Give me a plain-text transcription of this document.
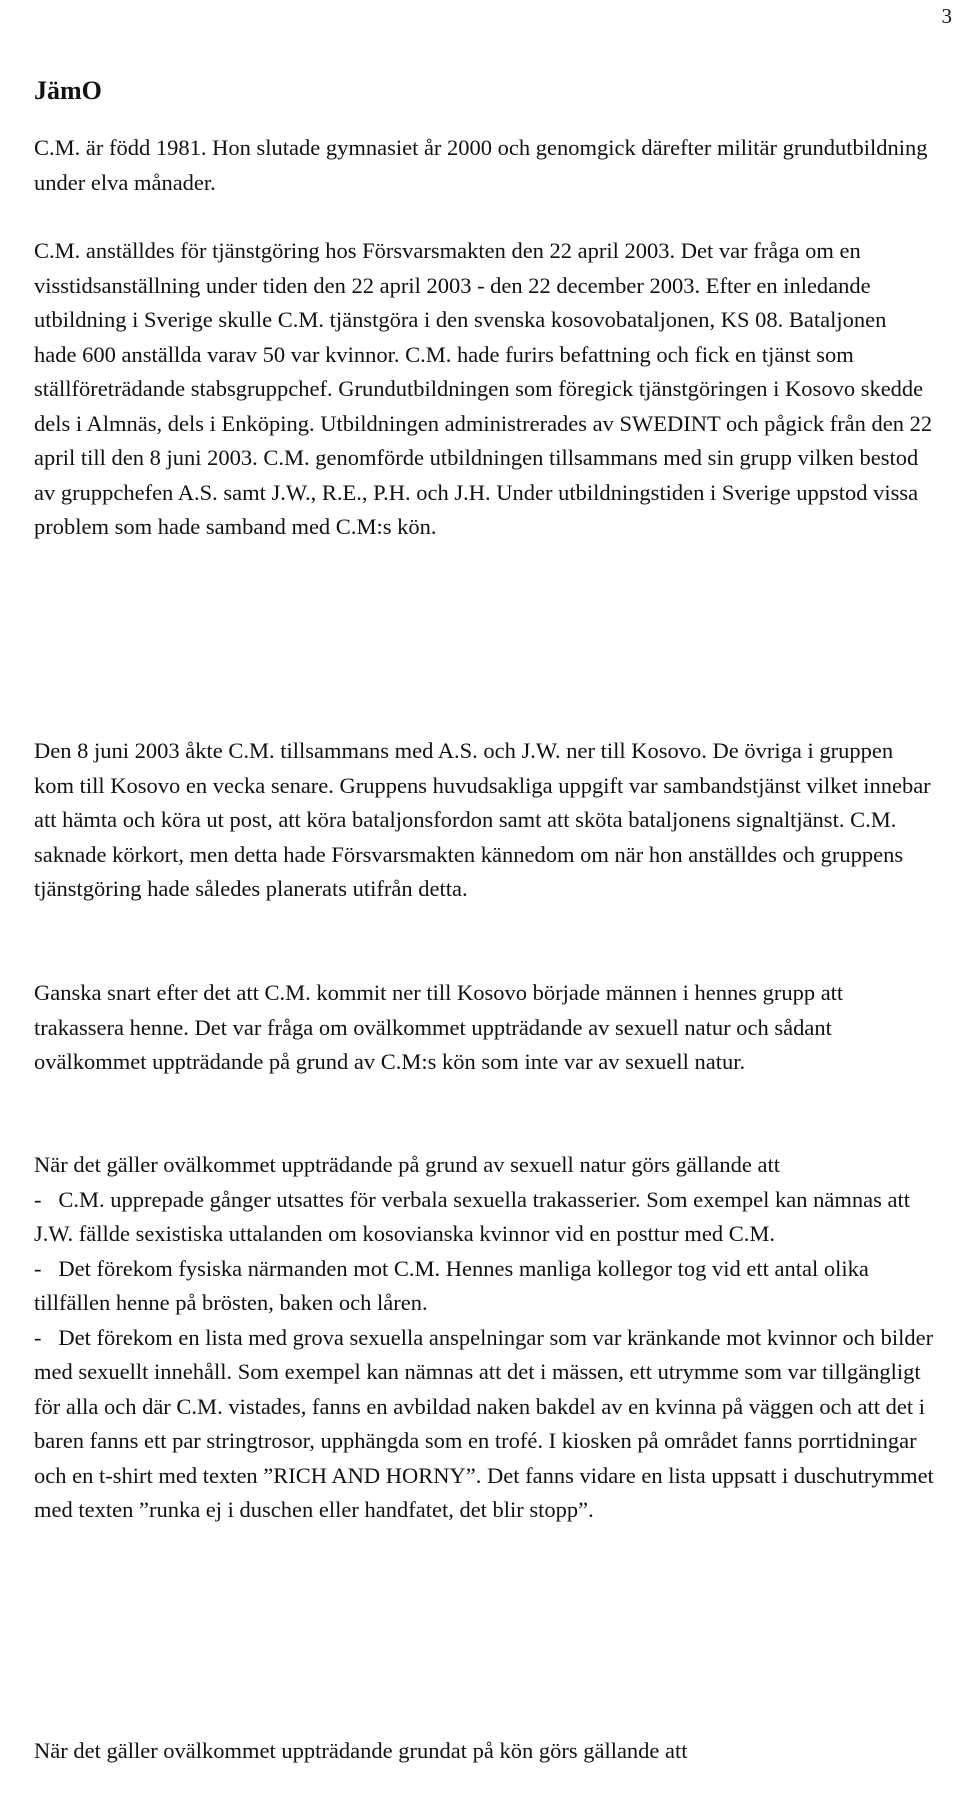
3
JämO

C.M. är född 1981. Hon slutade gymnasiet år 2000 och genomgick därefter militär grundutbildning under elva månader.

C.M. anställdes för tjänstgöring hos Försvarsmakten den 22 april 2003. Det var fråga om en visstidsanställning under tiden den 22 april 2003 - den 22 december 2003. Efter en inledande utbildning i Sverige skulle C.M. tjänstgöra i den svenska kosovobataljonen, KS 08. Bataljonen hade 600 anställda varav 50 var kvinnor. C.M. hade furirs befattning och fick en tjänst som ställföreträdande stabsgruppchef. Grundutbildningen som föregick tjänstgöringen i Kosovo skedde dels i Almnäs, dels i Enköping. Utbildningen administrerades av SWEDINT och pågick från den 22 april till den 8 juni 2003. C.M. genomförde utbildningen tillsammans med sin grupp vilken bestod av gruppchefen A.S. samt J.W., R.E., P.H. och J.H. Under utbildningstiden i Sverige uppstod vissa problem som hade samband med C.M:s kön.

Den 8 juni 2003 åkte C.M. tillsammans med A.S. och J.W. ner till Kosovo. De övriga i gruppen kom till Kosovo en vecka senare. Gruppens huvudsakliga uppgift var sambandstjänst vilket innebar att hämta och köra ut post, att köra bataljonsfordon samt att sköta bataljonens signaltjänst. C.M. saknade körkort, men detta hade Försvarsmakten kännedom om när hon anställdes och gruppens tjänstgöring hade således planerats utifrån detta.

Ganska snart efter det att C.M. kommit ner till Kosovo började männen i hennes grupp att trakassera henne. Det var fråga om ovälkommet uppträdande av sexuell natur och sådant ovälkommet uppträdande på grund av C.M:s kön som inte var av sexuell natur.

När det gäller ovälkommet uppträdande på grund av sexuell natur görs gällande att
-   C.M. upprepade gånger utsattes för verbala sexuella trakasserier. Som exempel kan nämnas att J.W. fällde sexistiska uttalanden om kosovianska kvinnor vid en posttur med C.M.
-   Det förekom fysiska närmanden mot C.M. Hennes manliga kollegor tog vid ett antal olika tillfällen henne på brösten, baken och låren.
-   Det förekom en lista med grova sexuella anspelningar som var kränkande mot kvinnor och bilder med sexuellt innehåll. Som exempel kan nämnas att det i mässen, ett utrymme som var tillgängligt för alla och där C.M. vistades, fanns en avbildad naken bakdel av en kvinna på väggen och att det i baren fanns ett par stringtrosor, upphängda som en trofé. I kiosken på området fanns porrtidningar och en t-shirt med texten ”RICH AND HORNY”. Det fanns vidare en lista uppsatt i duschutrymmet med texten ”runka ej i duschen eller handfatet, det blir stopp”.

När det gäller ovälkommet uppträdande grundat på kön görs gällande att
